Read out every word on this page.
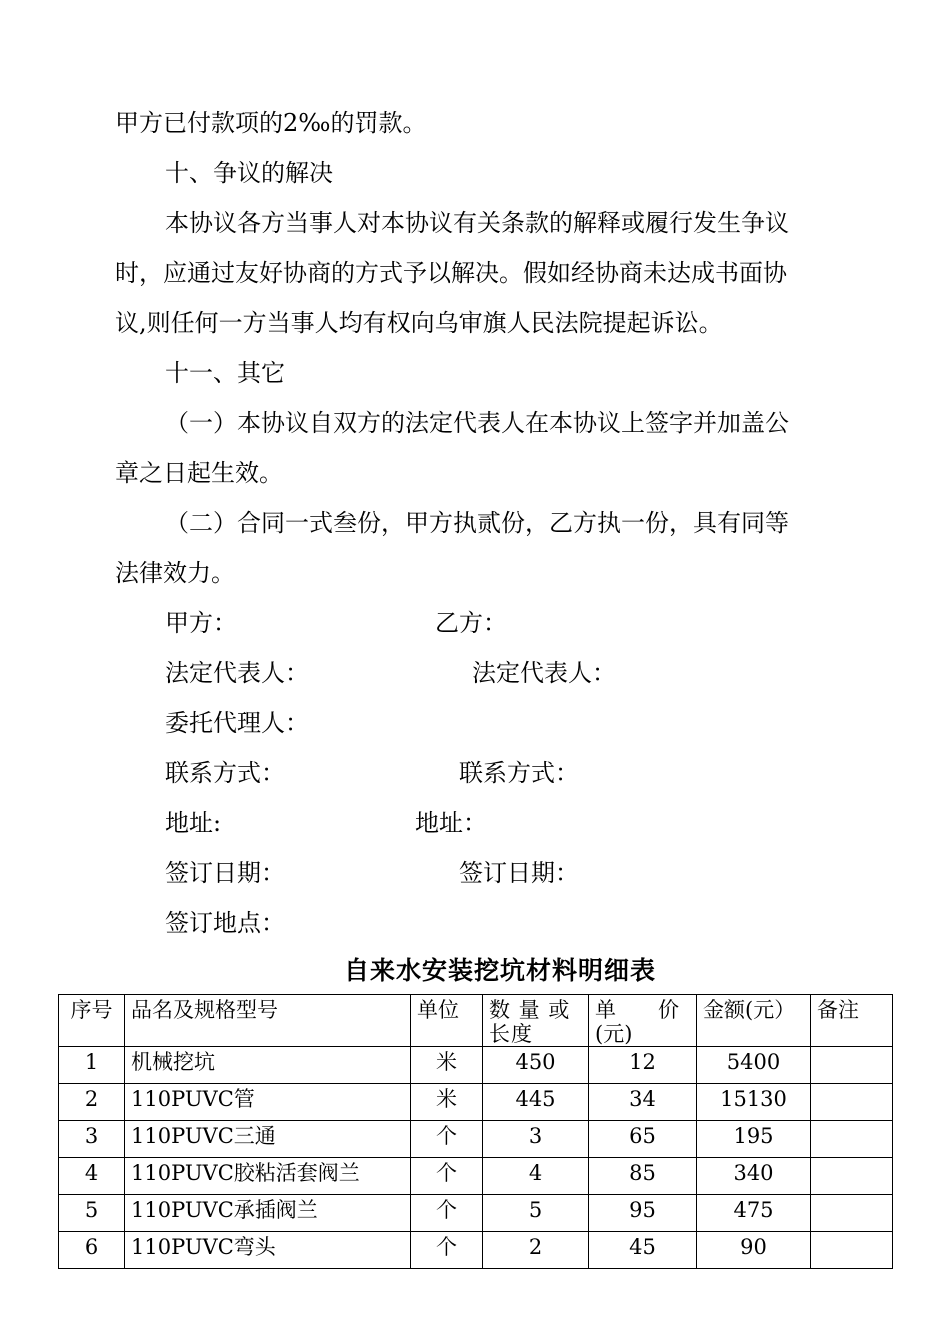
甲方已付款项的2‰的罚款。
十、争议的解决
本协议各方当事人对本协议有关条款的解释或履行发生争议
时，应通过友好协商的方式予以解决。假如经协商未达成书面协
议,则任何一方当事人均有权向乌审旗人民法院提起诉讼。
十一、其它
（一）本协议自双方的法定代表人在本协议上签字并加盖公
章之日起生效。
（二）合同一式叁份，甲方执贰份，乙方执一份，具有同等
法律效力。
甲方：	乙方：
法定代表人：	法定代表人：
委托代理人：
联系方式：	联系方式：
地址:	地址：
签订日期：	签订日期：
签订地点：
自来水安装挖坑材料明细表
序号	品名及规格型号	单位	数 量 或 长度	单　　价 (元)	金额(元）	备注
1	机械挖坑	米	450	12	5400	
2	110PUVC管	米	445	34	15130	
3	110PUVC三通	个	3	65	195	
4	110PUVC胶粘活套阀兰	个	4	85	340	
5	110PUVC承插阀兰	个	5	95	475	
6	110PUVC弯头	个	2	45	90	
